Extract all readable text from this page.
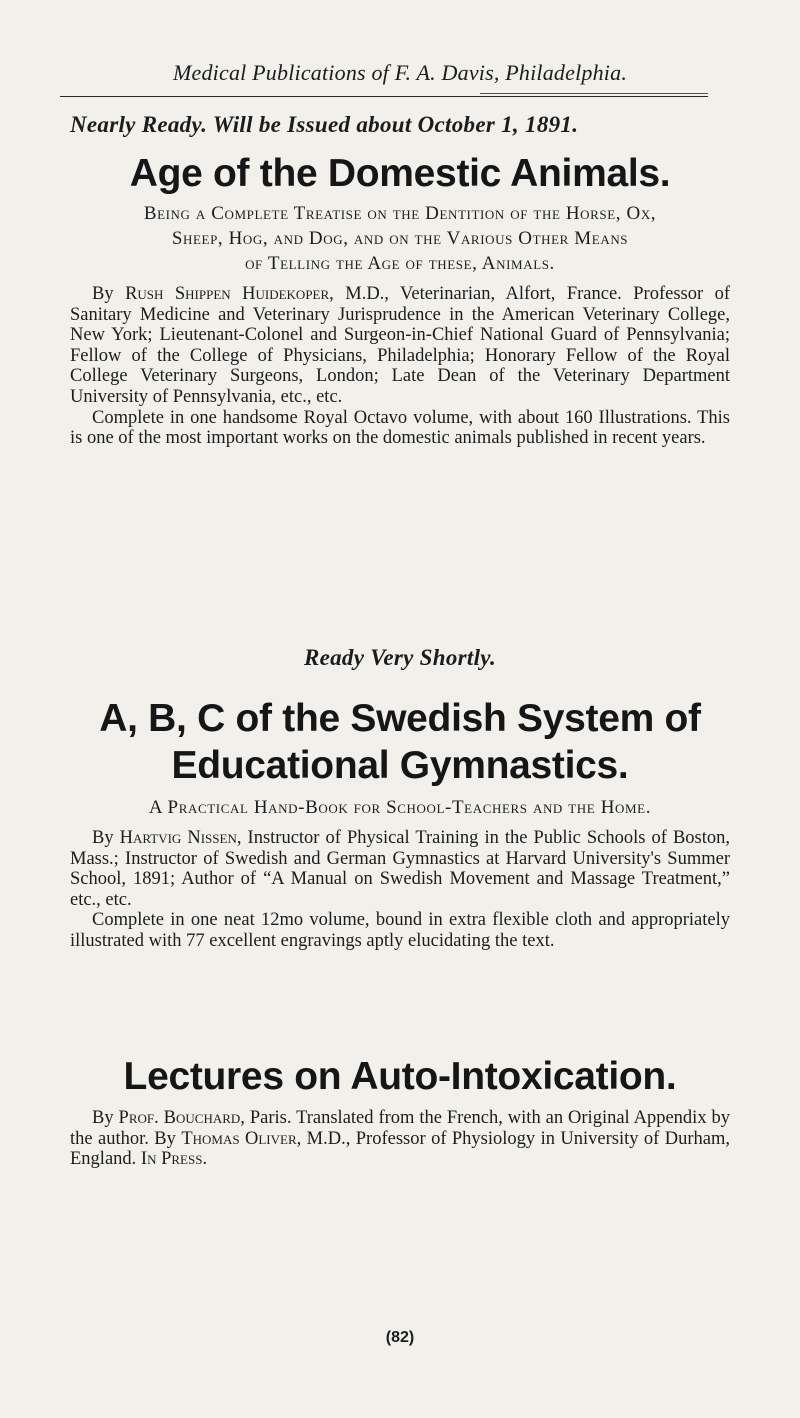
Medical Publications of F. A. Davis, Philadelphia.
Nearly Ready. Will be Issued about October 1, 1891.
Age of the Domestic Animals.
Being a Complete Treatise on the Dentition of the Horse, Ox,
Sheep, Hog, and Dog, and on the Various Other Means
of Telling the Age of these, Animals.

By Rush Shippen Huidekoper, M.D., Veterinarian, Alfort, France. Professor of Sanitary Medicine and Veterinary Jurisprudence in the American Veterinary College, New York; Lieutenant-Colonel and Surgeon-in-Chief National Guard of Pennsylvania; Fellow of the College of Physicians, Philadelphia; Honorary Fellow of the Royal College Veterinary Surgeons, London; Late Dean of the Veterinary Department University of Pennsylvania, etc., etc.

Complete in one handsome Royal Octavo volume, with about 160 Illustrations. This is one of the most important works on the domestic animals published in recent years.

Ready Very Shortly.
A, B, C of the Swedish System of
Educational Gymnastics.
A Practical Hand-Book for School-Teachers and the Home.

By Hartvig Nissen, Instructor of Physical Training in the Public Schools of Boston, Mass.; Instructor of Swedish and German Gymnastics at Harvard University's Summer School, 1891; Author of “A Manual on Swedish Movement and Massage Treatment,” etc., etc.

Complete in one neat 12mo volume, bound in extra flexible cloth and appropriately illustrated with 77 excellent engravings aptly elucidating the text.

Lectures on Auto-Intoxication.

By Prof. Bouchard, Paris. Translated from the French, with an Original Appendix by the author. By Thomas Oliver, M.D., Professor of Physiology in University of Durham, England. In Press.

(82)
